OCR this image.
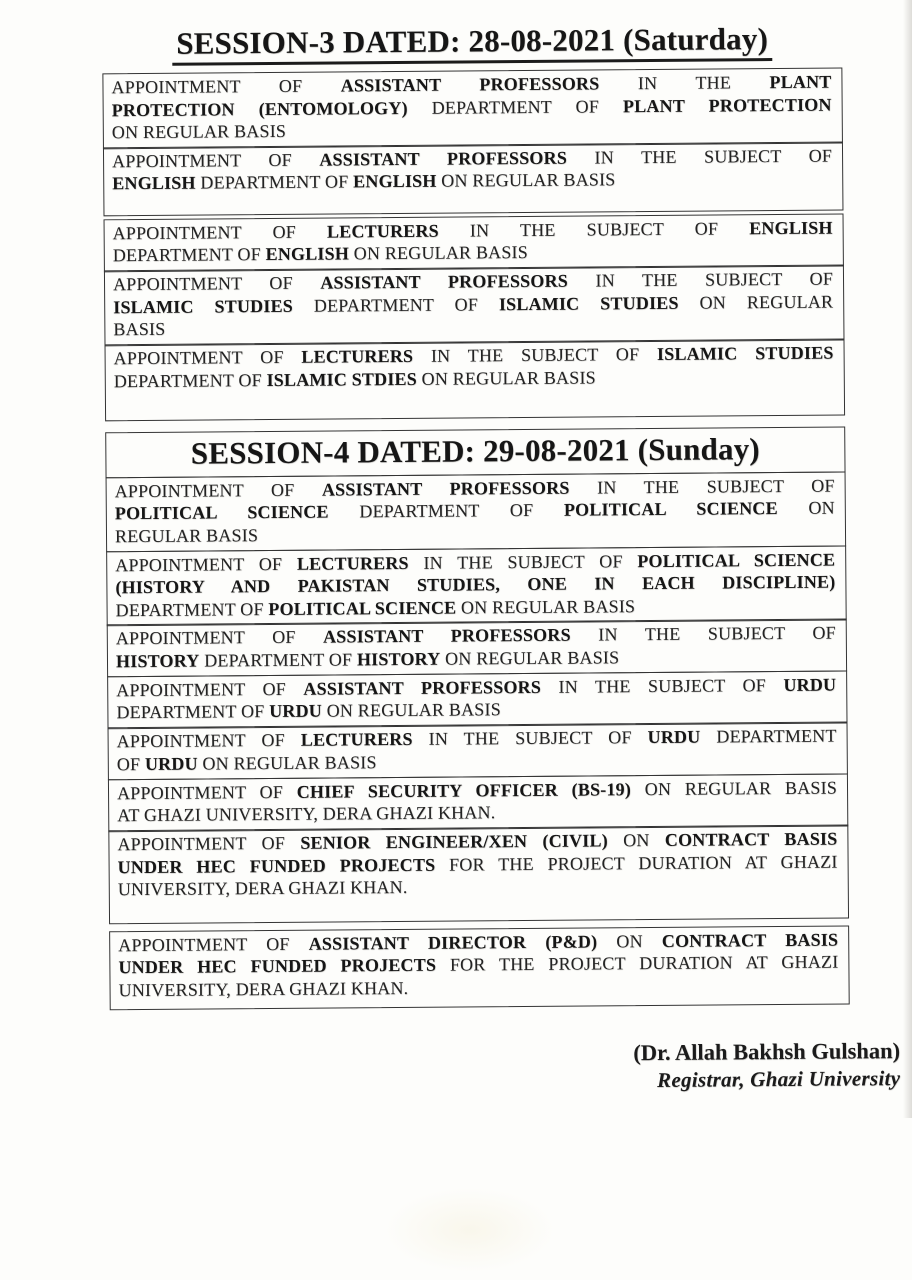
SESSION-3 DATED: 28-08-2021 (Saturday)
APPOINTMENT OF ASSISTANT PROFESSORS IN THE PLANT
PROTECTION (ENTOMOLOGY) DEPARTMENT OF PLANT PROTECTION
ON REGULAR BASIS
APPOINTMENT OF ASSISTANT PROFESSORS IN THE SUBJECT OF
ENGLISH DEPARTMENT OF ENGLISH ON REGULAR BASIS
APPOINTMENT OF LECTURERS IN THE SUBJECT OF ENGLISH
DEPARTMENT OF ENGLISH ON REGULAR BASIS
APPOINTMENT OF ASSISTANT PROFESSORS IN THE SUBJECT OF
ISLAMIC STUDIES DEPARTMENT OF ISLAMIC STUDIES ON REGULAR
BASIS
APPOINTMENT OF LECTURERS IN THE SUBJECT OF ISLAMIC STUDIES
DEPARTMENT OF ISLAMIC STDIES ON REGULAR BASIS
SESSION-4 DATED: 29-08-2021 (Sunday)
APPOINTMENT OF ASSISTANT PROFESSORS IN THE SUBJECT OF
POLITICAL SCIENCE DEPARTMENT OF POLITICAL SCIENCE ON
REGULAR BASIS
APPOINTMENT OF LECTURERS IN THE SUBJECT OF POLITICAL SCIENCE
(HISTORY AND PAKISTAN STUDIES, ONE IN EACH DISCIPLINE)
DEPARTMENT OF POLITICAL SCIENCE ON REGULAR BASIS
APPOINTMENT OF ASSISTANT PROFESSORS IN THE SUBJECT OF
HISTORY DEPARTMENT OF HISTORY ON REGULAR BASIS
APPOINTMENT OF ASSISTANT PROFESSORS IN THE SUBJECT OF URDU
DEPARTMENT OF URDU ON REGULAR BASIS
APPOINTMENT OF LECTURERS IN THE SUBJECT OF URDU DEPARTMENT
OF URDU ON REGULAR BASIS
APPOINTMENT OF CHIEF SECURITY OFFICER (BS-19) ON REGULAR BASIS
AT GHAZI UNIVERSITY, DERA GHAZI KHAN.
APPOINTMENT OF SENIOR ENGINEER/XEN (CIVIL) ON CONTRACT BASIS
UNDER HEC FUNDED PROJECTS FOR THE PROJECT DURATION AT GHAZI
UNIVERSITY, DERA GHAZI KHAN.
APPOINTMENT OF ASSISTANT DIRECTOR (P&D) ON CONTRACT BASIS
UNDER HEC FUNDED PROJECTS FOR THE PROJECT DURATION AT GHAZI
UNIVERSITY, DERA GHAZI KHAN.
(Dr. Allah Bakhsh Gulshan)
Registrar, Ghazi University
